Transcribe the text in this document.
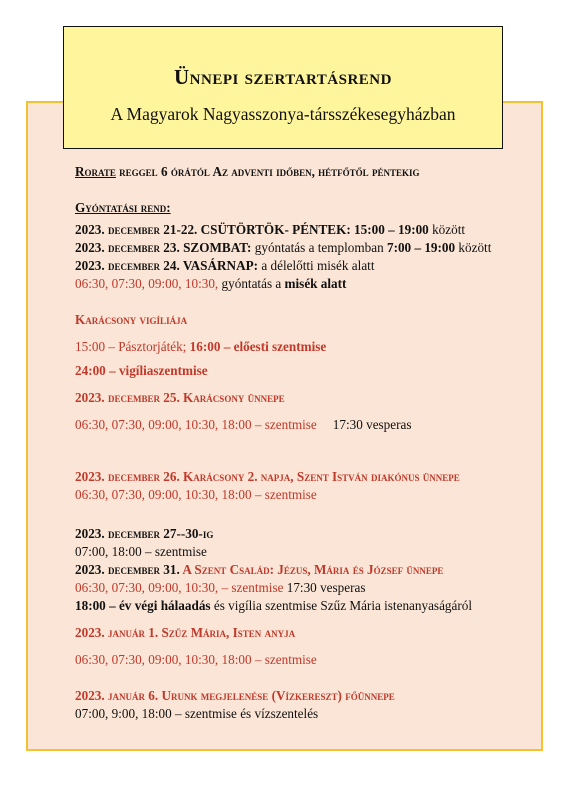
Ünnepi szertartásrend
A Magyarok Nagyasszonya-társszékesegyházban
Rorate reggel 6 órától Az adventi időben, hétfőtől péntekig
Gyóntatási rend:
2023. december 21-22. CSÜTÖRTÖK- PÉNTEK: 15:00 – 19:00 között
2023. december 23. SZOMBAT: gyóntatás a templomban 7:00 – 19:00 között
2023. december 24. VASÁRNAP: a délelőtti misék alatt
06:30, 07:30, 09:00, 10:30, gyóntatás a misék alatt
Karácsony vigíliája
15:00 – Pásztorjáték; 16:00 – előesti szentmise
24:00 – vigíliaszentmise
2023. december 25. Karácsony ünnepe
06:30, 07:30, 09:00, 10:30, 18:00 – szentmise 17:30 vesperas
2023. december 26. Karácsony 2. napja, Szent István diakónus ünnepe
06:30, 07:30, 09:00, 10:30, 18:00 – szentmise
2023. december 27--30-ig
07:00, 18:00 – szentmise
2023. december 31. A Szent Család: Jézus, Mária és József ünnepe
06:30, 07:30, 09:00, 10:30, – szentmise 17:30 vesperas
18:00 – év végi hálaadás és vigília szentmise Szűz Mária istenanyaságáról
2023. január 1. Szűz Mária, Isten anyja
06:30, 07:30, 09:00, 10:30, 18:00 – szentmise
2023. január 6. Urunk megjelenése (Vízkereszt) főünnepe
07:00, 9:00, 18:00 – szentmise és vízszentelés
